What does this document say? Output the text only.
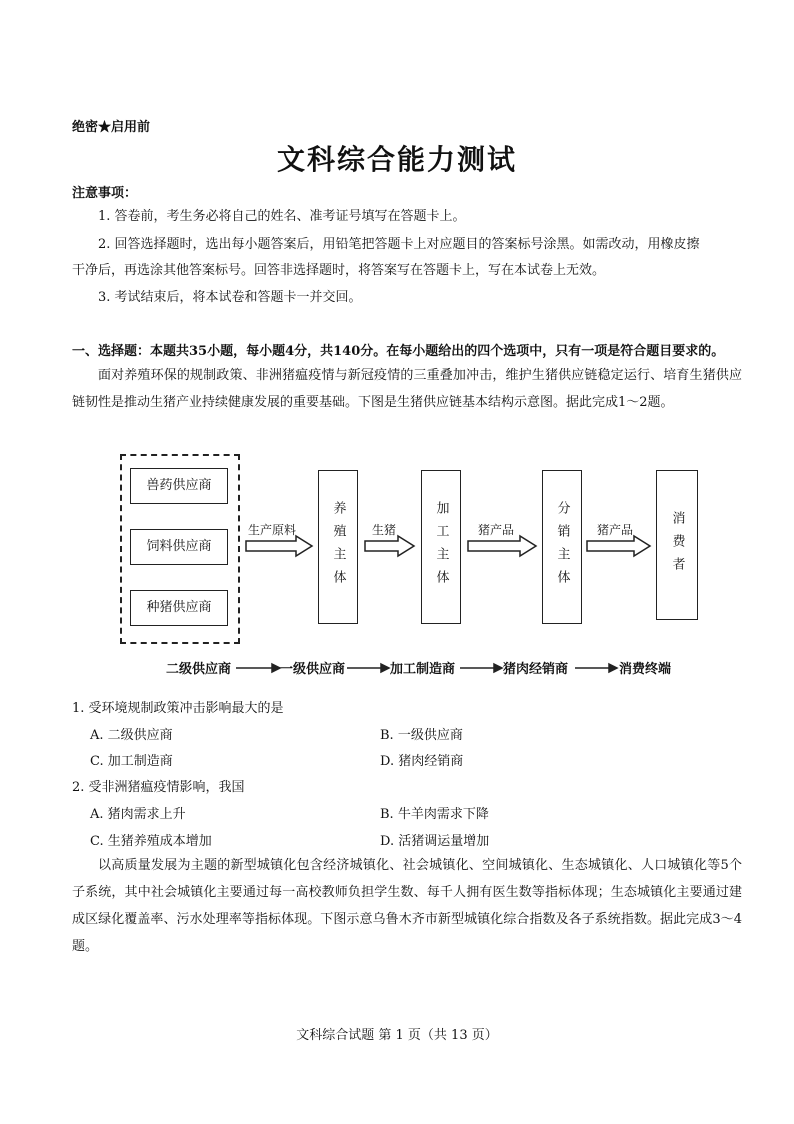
绝密★启用前
文科综合能力测试
注意事项：
1. 答卷前，考生务必将自己的姓名、准考证号填写在答题卡上。
2. 回答选择题时，选出每小题答案后，用铅笔把答题卡上对应题目的答案标号涂黑。如需改动，用橡皮擦
干净后，再选涂其他答案标号。回答非选择题时，将答案写在答题卡上，写在本试卷上无效。
3. 考试结束后，将本试卷和答题卡一并交回。
一、选择题：本题共35小题，每小题4分，共140分。在每小题给出的四个选项中，只有一项是符合题目要求的。
面对养殖环保的规制政策、非洲猪瘟疫情与新冠疫情的三重叠加冲击，维护生猪供应链稳定运行、培育生猪供应链韧性是推动生猪产业持续健康发展的重要基础。下图是生猪供应链基本结构示意图。据此完成1～2题。
兽药供应商
饲料供应商
种猪供应商
生产原料	生猪	猪产品	猪产品
养殖主体	加工主体	分销主体	消费者
二级供应商	一级供应商	加工制造商	猪肉经销商	消费终端
1. 受环境规制政策冲击影响最大的是
A. 二级供应商	B. 一级供应商
C. 加工制造商	D. 猪肉经销商
2. 受非洲猪瘟疫情影响，我国
A. 猪肉需求上升	B. 牛羊肉需求下降
C. 生猪养殖成本增加	D. 活猪调运量增加
以高质量发展为主题的新型城镇化包含经济城镇化、社会城镇化、空间城镇化、生态城镇化、人口城镇化等5个子系统，其中社会城镇化主要通过每一高校教师负担学生数、每千人拥有医生数等指标体现；生态城镇化主要通过建成区绿化覆盖率、污水处理率等指标体现。下图示意乌鲁木齐市新型城镇化综合指数及各子系统指数。据此完成3～4题。
文科综合试题 第 1 页（共 13 页）
